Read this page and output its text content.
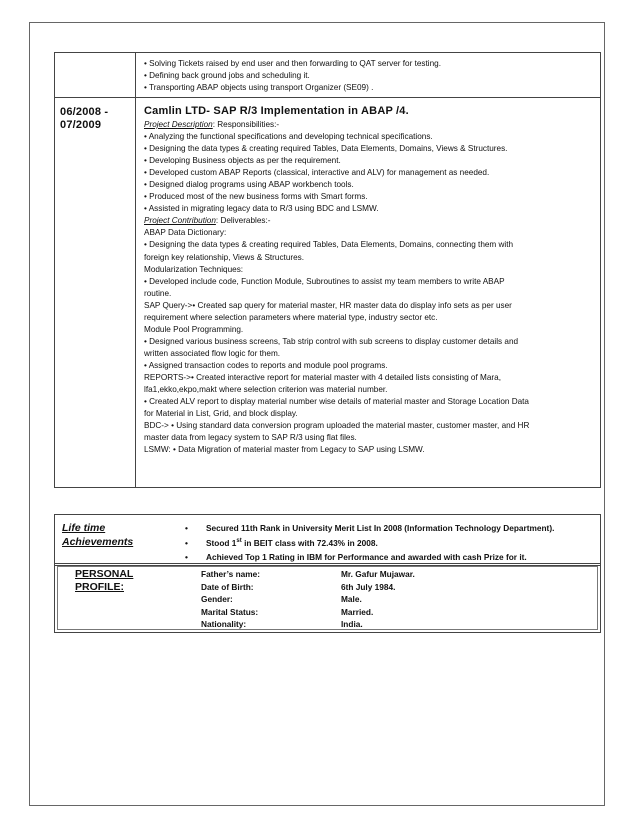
• Solving Tickets raised by end user and then forwarding to QAT server for testing.
• Defining back ground jobs and scheduling it.
• Transporting ABAP objects using transport Organizer (SE09) .
06/2008 -
07/2009
Camlin LTD- SAP R/3 Implementation in ABAP /4.
Project Description: Responsibilities:-
• Analyzing the functional specifications and developing technical specifications.
• Designing the data types & creating required Tables, Data Elements, Domains, Views & Structures.
• Developing Business objects as per the requirement.
• Developed custom ABAP Reports (classical, interactive and ALV) for management as needed.
• Designed dialog programs using ABAP workbench tools.
• Produced most of the new business forms with Smart forms.
• Assisted in migrating legacy data to R/3 using BDC and LSMW.
Project Contribution: Deliverables:-
ABAP Data Dictionary:
• Designing the data types & creating required Tables, Data Elements, Domains, connecting them with
foreign key relationship, Views & Structures.
Modularization Techniques:
• Developed include code, Function Module, Subroutines to assist my team members to write ABAP
routine.
SAP Query->• Created sap query for material master, HR master data do display info sets as per user
requirement where selection parameters where material type, industry sector etc.
Module Pool Programming.
• Designed various business screens, Tab strip control with sub screens to display customer details and
written associated flow logic for them.
• Assigned transaction codes to reports and module pool programs.
REPORTS->• Created interactive report for material master with 4 detailed lists consisting of Mara,
lfa1,ekko,ekpo,makt where selection criterion was material number.
• Created ALV report to display material number wise details of material master and Storage Location Data
for Material in List, Grid, and block display.
BDC-> • Using standard data conversion program uploaded the material master, customer master, and HR
master data from legacy system to SAP R/3 using flat files.
LSMW: • Data Migration of material master from Legacy to SAP using LSMW.
Life time
Achievements
• Secured 11th Rank in University Merit List In 2008 (Information Technology Department).
• Stood 1st in BEIT class with 72.43% in 2008.
• Achieved Top 1 Rating in IBM for Performance and awarded with cash Prize for it.
PERSONAL
PROFILE:
Father’s name:	Mr. Gafur Mujawar.
Date of Birth:	6th July 1984.
Gender:	Male.
Marital Status:	Married.
Nationality:	India.
